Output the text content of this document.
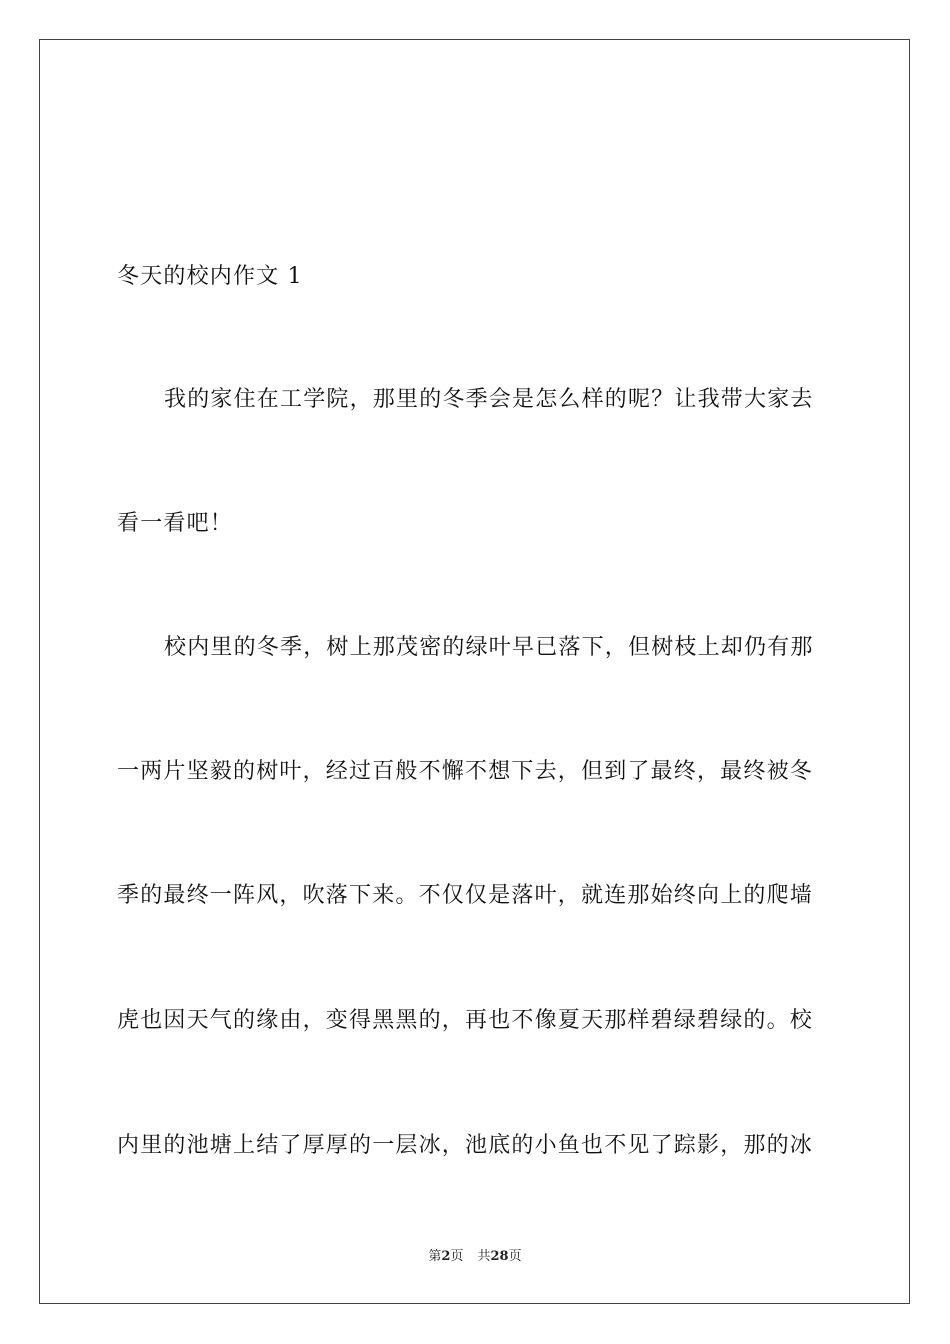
冬天的校内作文 1
我的家住在工学院，那里的冬季会是怎么样的呢？让我带大家去
看一看吧！
校内里的冬季，树上那茂密的绿叶早已落下，但树枝上却仍有那
一两片坚毅的树叶，经过百般不懈不想下去，但到了最终，最终被冬
季的最终一阵风，吹落下来。不仅仅是落叶，就连那始终向上的爬墙
虎也因天气的缘由，变得黑黑的，再也不像夏天那样碧绿碧绿的。校
内里的池塘上结了厚厚的一层冰，池底的小鱼也不见了踪影，那的冰
第2页 共28页
